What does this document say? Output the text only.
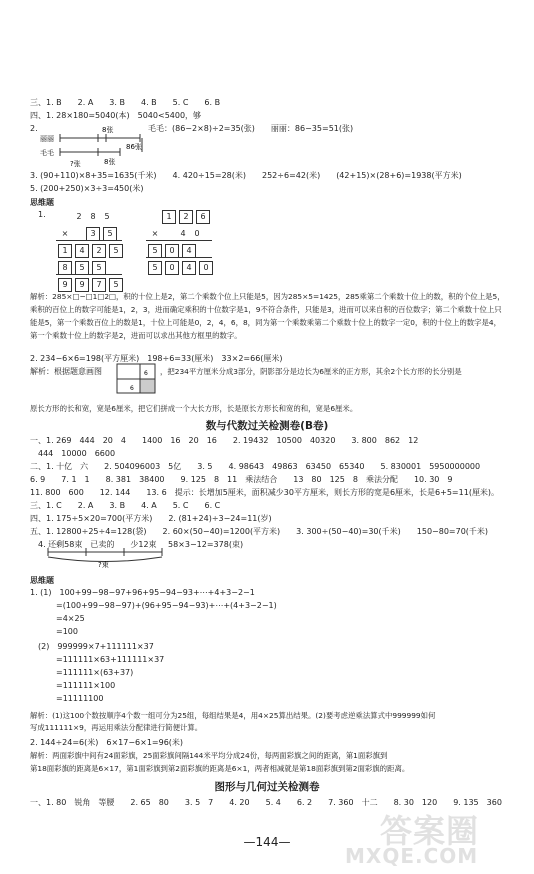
三、1. B　　2. A　　3. B　　4. B　　5. C　　6. B
四、1. 28×180=5040(本)　5040<5400，够
2.	毛毛：(86−2×8)÷2=35(张)　　丽丽：86−35=51(张)
8张
丽丽
毛毛
?张	8张
86张
3. (90+110)×8+35=1635(千米)　　4. 420÷15=28(米)　　252÷6=42(米)　　(42+15)×(28+6)=1938(平方米)
5. (200+250)×3÷3=450(米)
思维题
1.	2	8	5
×	3	5
1	4	2	5
8	5	5
9	9	7	5
1	2	6
×	4	0
5	0	4
5	0	4	0
解析：285×□−□1□2□，积的十位上是2，第二个乘数个位上只能是5，因为285×5=1425，285乘第二个乘数十位上的数，积的个位上是5，乘积的百位上的数字可能是1，2，3，进而确定乘积的十位数字是1，9不符合条件，只能是3，进而可以来自积的百位数字；第二个乘数十位上只能是5，第一个乘数百位上的数是1，十位上可能是0，2，4，6，8，同为第一个乘数乘第二个乘数十位上的数字一定0，积的十位上的数字是4，第一个乘数十位上的数字是2，进而可以求出其他方框里的数字。
2. 234−6×6=198(平方厘米)　198÷6=33(厘米)　33×2=66(厘米)
解析：根据题意画图	6
6
，把234平方厘米分成3部分，阴影部分是边长为6厘米的正方形，其余2个长方形的长分别是
原长方形的长和宽，宽是6厘米，把它们拼成一个大长方形，长是原长方形长和宽的和，宽是6厘米。
数与代数过关检测卷(B卷)
一、1. 269　444　20　4　　1400　16　20　16　　2. 19432　10500　40320　　3. 800　862　12
444　10000　6600
二、1. 十亿　六　　2. 504096003　5亿　　3. 5　　4. 98643　49863　63450　65340　　5. 830001　5950000000
6. 9　　7. 1　1　　8. 381　38400　　9. 125　8　11　乘法结合　　13　80　125　8　乘法分配　　10. 30　9
11. 800　600　　12. 144　　13. 6　提示：长增加5厘米，面积减少30平方厘米，则长方形的宽是6厘米，长是6+5=11(厘米)。
三、1. C　　2. A　　3. B　　4. A　　5. C　　6. C
四、1. 175÷5×20=700(平方米)　　2. (81+24)÷3−24=11(岁)
五、1. 12800÷25÷4=128(袋)　　2. 60×(50−40)=1200(平方米)　　3. 300÷(50−40)=30(千米)　　150−80=70(千米)
4. 还剩58束　已卖的　　少12束 58×3−12=378(束)
?束
思维题
1. (1)　100+99−98−97+96+95−94−93+⋯+4+3−2−1
=(100+99−98−97)+(96+95−94−93)+⋯+(4+3−2−1)
=4×25
=100
(2)　999999×7+111111×37
=111111×63+111111×37
=111111×(63+37)
=111111×100
=11111100
解析：(1)这100个数按顺序4个数一组可分为25组，每组结果是4，用4×25算出结果。(2)要考虑逆乘法算式中999999如何
写成111111×9，再运用乘法分配律进行简便计算。
2. 144÷24=6(米)　6×17−6×1=96(米)
解析：两面彩旗中间有24面彩旗，25面彩旗间隔144米平均分成24份，每两面彩旗之间的距离，第1面彩旗到
第18面彩旗的距离是6×17，第1面彩旗到第2面彩旗的距离是6×1，两者相减就是第18面彩旗到第2面彩旗的距离。
图形与几何过关检测卷
一、1. 80　锐角　等腰　　2. 65　80　　3. 5　7　　4. 20　　5. 4　　6. 2　　7. 360　十二　　8. 30　120　　9. 135　360
—144—	答案圈
MXQE.COM
